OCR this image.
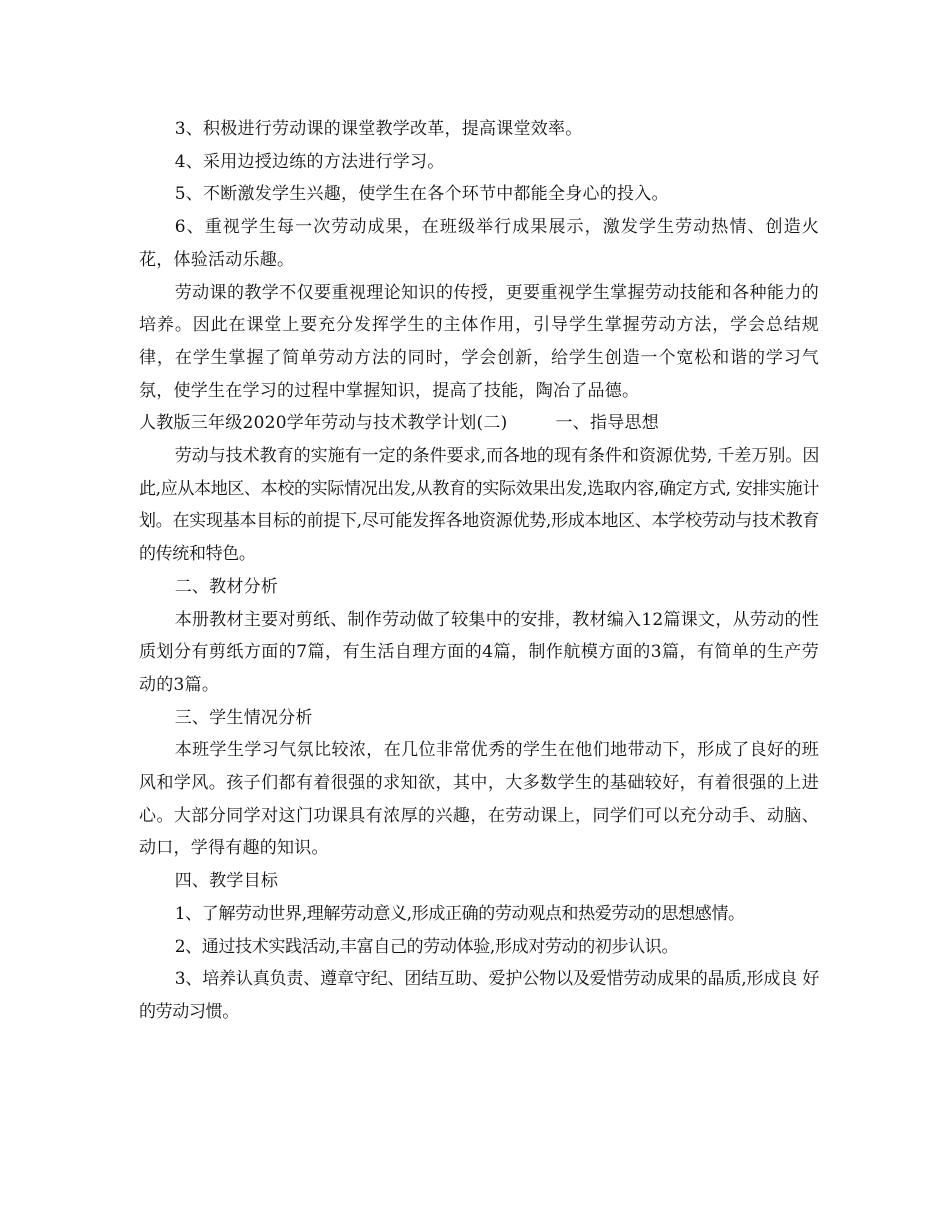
3、积极进行劳动课的课堂教学改革，提高课堂效率。

4、采用边授边练的方法进行学习。

5、不断激发学生兴趣，使学生在各个环节中都能全身心的投入。

6、重视学生每一次劳动成果，在班级举行成果展示，激发学生劳动热情、创造火花，体验活动乐趣。

劳动课的教学不仅要重视理论知识的传授，更要重视学生掌握劳动技能和各种能力的培养。因此在课堂上要充分发挥学生的主体作用，引导学生掌握劳动方法，学会总结规律，在学生掌握了简单劳动方法的同时，学会创新，给学生创造一个宽松和谐的学习气氛，使学生在学习的过程中掌握知识，提高了技能，陶冶了品德。

人教版三年级2020学年劳动与技术教学计划(二)	一、指导思想

劳动与技术教育的实施有一定的条件要求,而各地的现有条件和资源优势, 千差万别。因此,应从本地区、本校的实际情况出发,从教育的实际效果出发,选取内容,确定方式, 安排实施计划。在实现基本目标的前提下,尽可能发挥各地资源优势,形成本地区、本学校劳动与技术教育的传统和特色。

二、教材分析

本册教材主要对剪纸、制作劳动做了较集中的安排，教材编入12篇课文，从劳动的性质划分有剪纸方面的7篇，有生活自理方面的4篇，制作航模方面的3篇，有简单的生产劳动的3篇。

三、学生情况分析

本班学生学习气氛比较浓，在几位非常优秀的学生在他们地带动下，形成了良好的班风和学风。孩子们都有着很强的求知欲，其中，大多数学生的基础较好，有着很强的上进心。大部分同学对这门功课具有浓厚的兴趣，在劳动课上，同学们可以充分动手、动脑、动口，学得有趣的知识。

四、教学目标

1、了解劳动世界,理解劳动意义,形成正确的劳动观点和热爱劳动的思想感情。

2、通过技术实践活动,丰富自己的劳动体验,形成对劳动的初步认识。

3、培养认真负责、遵章守纪、团结互助、爱护公物以及爱惜劳动成果的晶质,形成良 好的劳动习惯。
